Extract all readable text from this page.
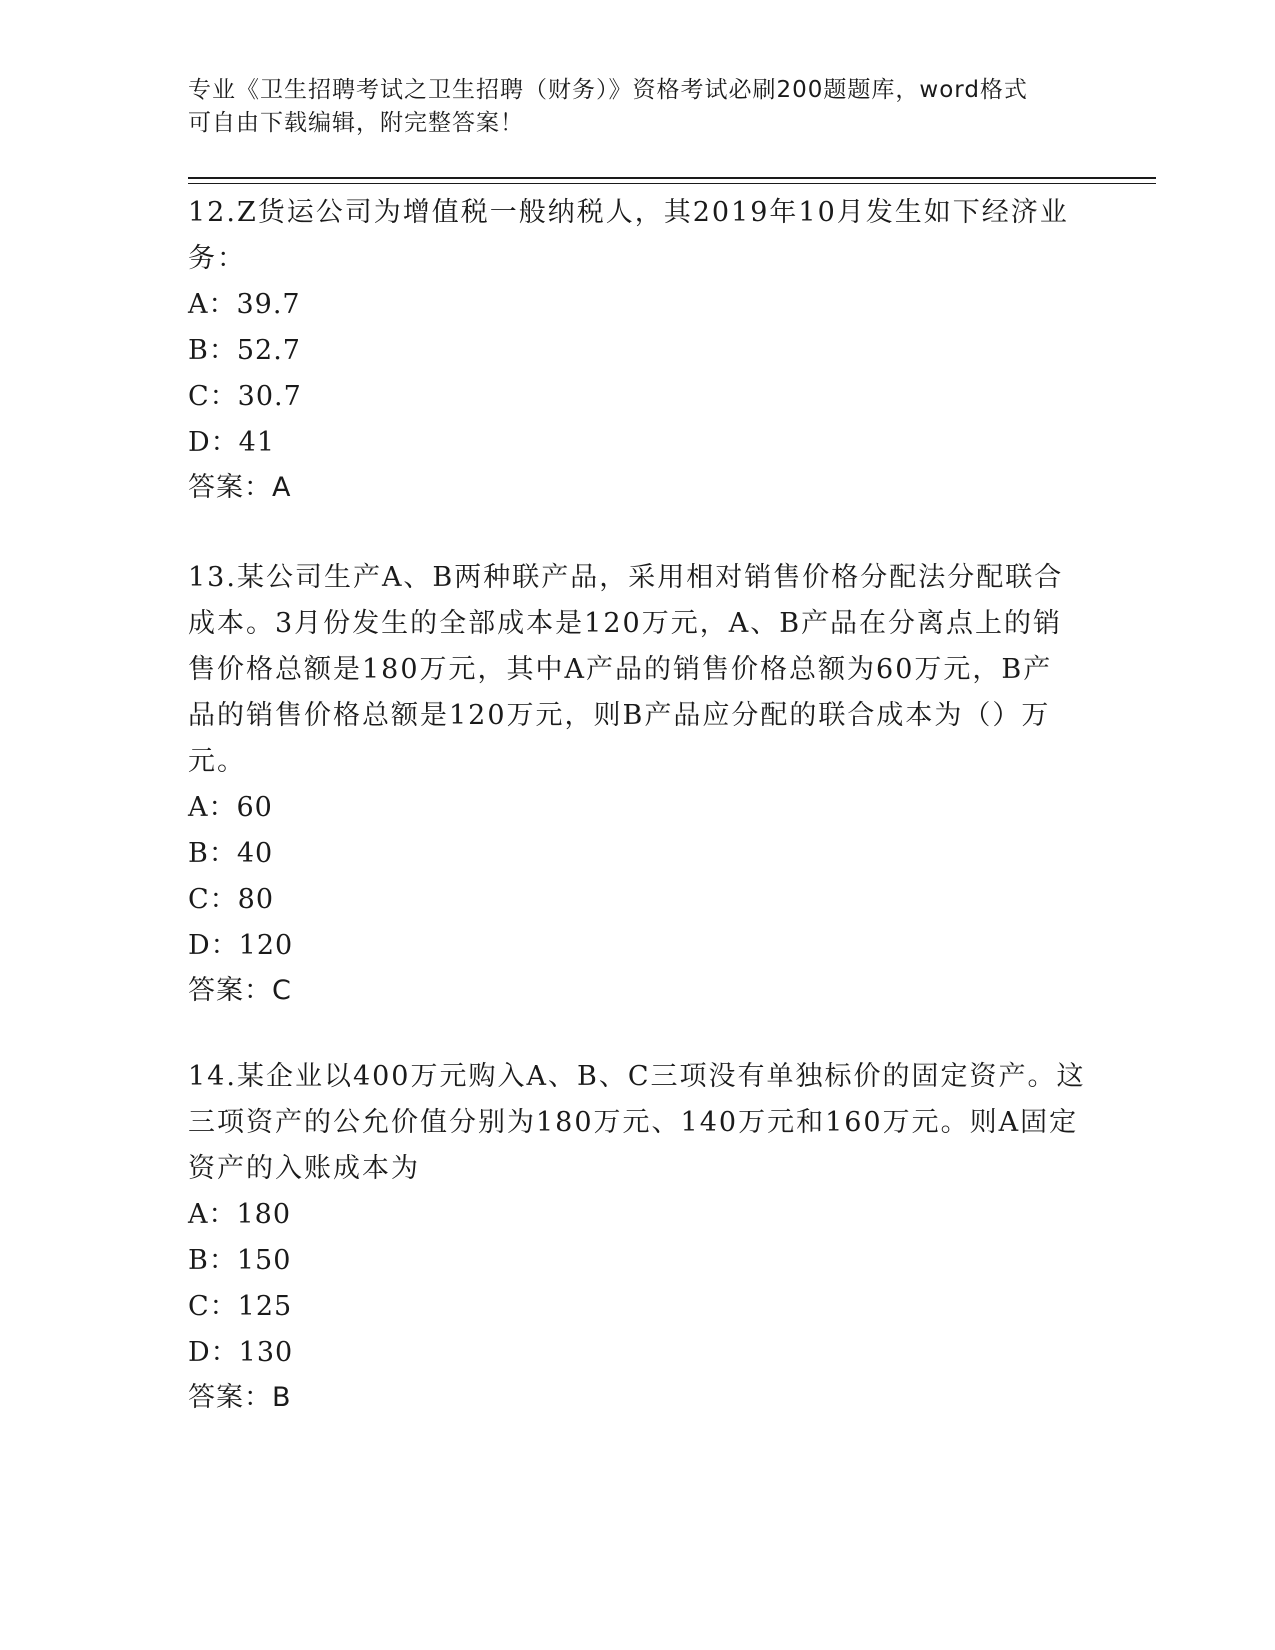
专业《卫生招聘考试之卫生招聘（财务）》资格考试必刷200题题库，word格式
可自由下载编辑，附完整答案！
12.Z货运公司为增值税一般纳税人，其2019年10月发生如下经济业
务：
A：39.7
B：52.7
C：30.7
D：41
答案：A
13.某公司生产A、B两种联产品，采用相对销售价格分配法分配联合
成本。3月份发生的全部成本是120万元，A、B产品在分离点上的销
售价格总额是180万元，其中A产品的销售价格总额为60万元，B产
品的销售价格总额是120万元，则B产品应分配的联合成本为（）万
元。
A：60
B：40
C：80
D：120
答案：C
14.某企业以400万元购入A、B、C三项没有单独标价的固定资产。这
三项资产的公允价值分别为180万元、140万元和160万元。则A固定
资产的入账成本为
A：180
B：150
C：125
D：130
答案：B
